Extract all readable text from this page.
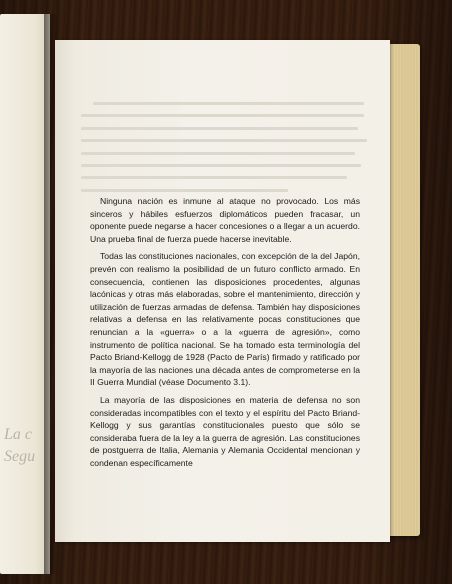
La c
Segu

Ninguna nación es inmune al ataque no provocado. Los más sinceros y hábiles esfuerzos diplomáticos pueden fracasar, un oponente puede negarse a hacer concesiones o a llegar a un acuerdo. Una prueba final de fuerza puede hacerse inevitable.

Todas las constituciones nacionales, con excepción de la del Japón, prevén con realismo la posibilidad de un futuro conflicto armado. En consecuencia, contienen las disposiciones procedentes, algunas lacónicas y otras más elaboradas, sobre el mantenimiento, dirección y utilización de fuerzas armadas de defensa. También hay disposiciones relativas a defensa en las relativamente pocas constituciones que renuncian a la «guerra» o a la «guerra de agresión», como instrumento de política nacional. Se ha tomado esta terminología del Pacto Briand-Kellogg de 1928 (Pacto de París) firmado y ratificado por la mayoría de las naciones una década antes de comprometerse en la II Guerra Mundial (véase Documento 3.1).

La mayoría de las disposiciones en materia de defensa no son consideradas incompatibles con el texto y el espíritu del Pacto Briand-Kellogg y sus garantías constitucionales puesto que sólo se consideraba fuera de la ley a la guerra de agresión. Las constituciones de postguerra de Italia, Alemania y Alemania Occidental mencionan y condenan específicamente
